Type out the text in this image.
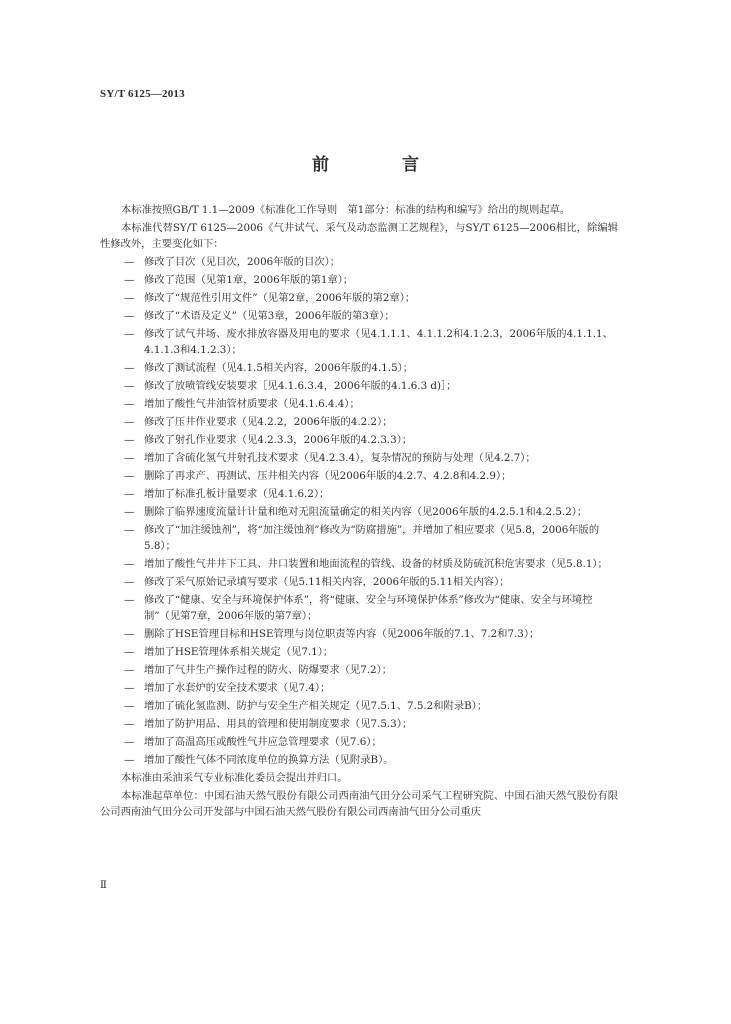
SY/T 6125—2013
前　言

本标准按照GB/T 1.1—2009《标准化工作导则　第1部分：标准的结构和编写》给出的规则起草。

本标准代替SY/T 6125—2006《气井试气、采气及动态监测工艺规程》，与SY/T 6125—2006相比，除编辑性修改外，主要变化如下：

— 修改了目次（见目次，2006年版的目次）；
— 修改了范围（见第1章，2006年版的第1章）；
— 修改了“规范性引用文件”（见第2章，2006年版的第2章）；
— 修改了“术语及定义”（见第3章，2006年版的第3章）；
— 修改了试气井场、废水排放容器及用电的要求（见4.1.1.1、4.1.1.2和4.1.2.3，2006年版的4.1.1.1、4.1.1.3和4.1.2.3）；
— 修改了测试流程（见4.1.5相关内容，2006年版的4.1.5）；
— 修改了放喷管线安装要求［见4.1.6.3.4，2006年版的4.1.6.3 d)］；
— 增加了酸性气井油管材质要求（见4.1.6.4.4）；
— 修改了压井作业要求（见4.2.2，2006年版的4.2.2）；
— 修改了射孔作业要求（见4.2.3.3，2006年版的4.2.3.3）；
— 增加了含硫化氢气井射孔技术要求（见4.2.3.4），复杂情况的预防与处理（见4.2.7）；
— 删除了再求产、再测试、压井相关内容（见2006年版的4.2.7、4.2.8和4.2.9）；
— 增加了标准孔板计量要求（见4.1.6.2）；
— 删除了临界速度流量计计量和绝对无阻流量确定的相关内容（见2006年版的4.2.5.1和4.2.5.2）；
— 修改了“加注缓蚀剂”，将“加注缓蚀剂”修改为“防腐措施”，并增加了相应要求（见5.8，2006年版的5.8）；
— 增加了酸性气井井下工具、井口装置和地面流程的管线、设备的材质及防硫沉积危害要求（见5.8.1）；
— 修改了采气原始记录填写要求（见5.11相关内容，2006年版的5.11相关内容）；
— 修改了“健康、安全与环境保护体系”，将“健康、安全与环境保护体系”修改为“健康、安全与环境控制”（见第7章，2006年版的第7章）；
— 删除了HSE管理目标和HSE管理与岗位职责等内容（见2006年版的7.1、7.2和7.3）；
— 增加了HSE管理体系相关规定（见7.1）；
— 增加了气井生产操作过程的防火、防爆要求（见7.2）；
— 增加了水套炉的安全技术要求（见7.4）；
— 增加了硫化氢监测、防护与安全生产相关规定（见7.5.1、7.5.2和附录B）；
— 增加了防护用品、用具的管理和使用制度要求（见7.5.3）；
— 增加了高温高压或酸性气井应急管理要求（见7.6）；
— 增加了酸性气体不同浓度单位的换算方法（见附录B）。

本标准由采油采气专业标准化委员会提出并归口。

本标准起草单位：中国石油天然气股份有限公司西南油气田分公司采气工程研究院、中国石油天然气股份有限公司西南油气田分公司开发部与中国石油天然气股份有限公司西南油气田分公司重庆

Ⅱ
